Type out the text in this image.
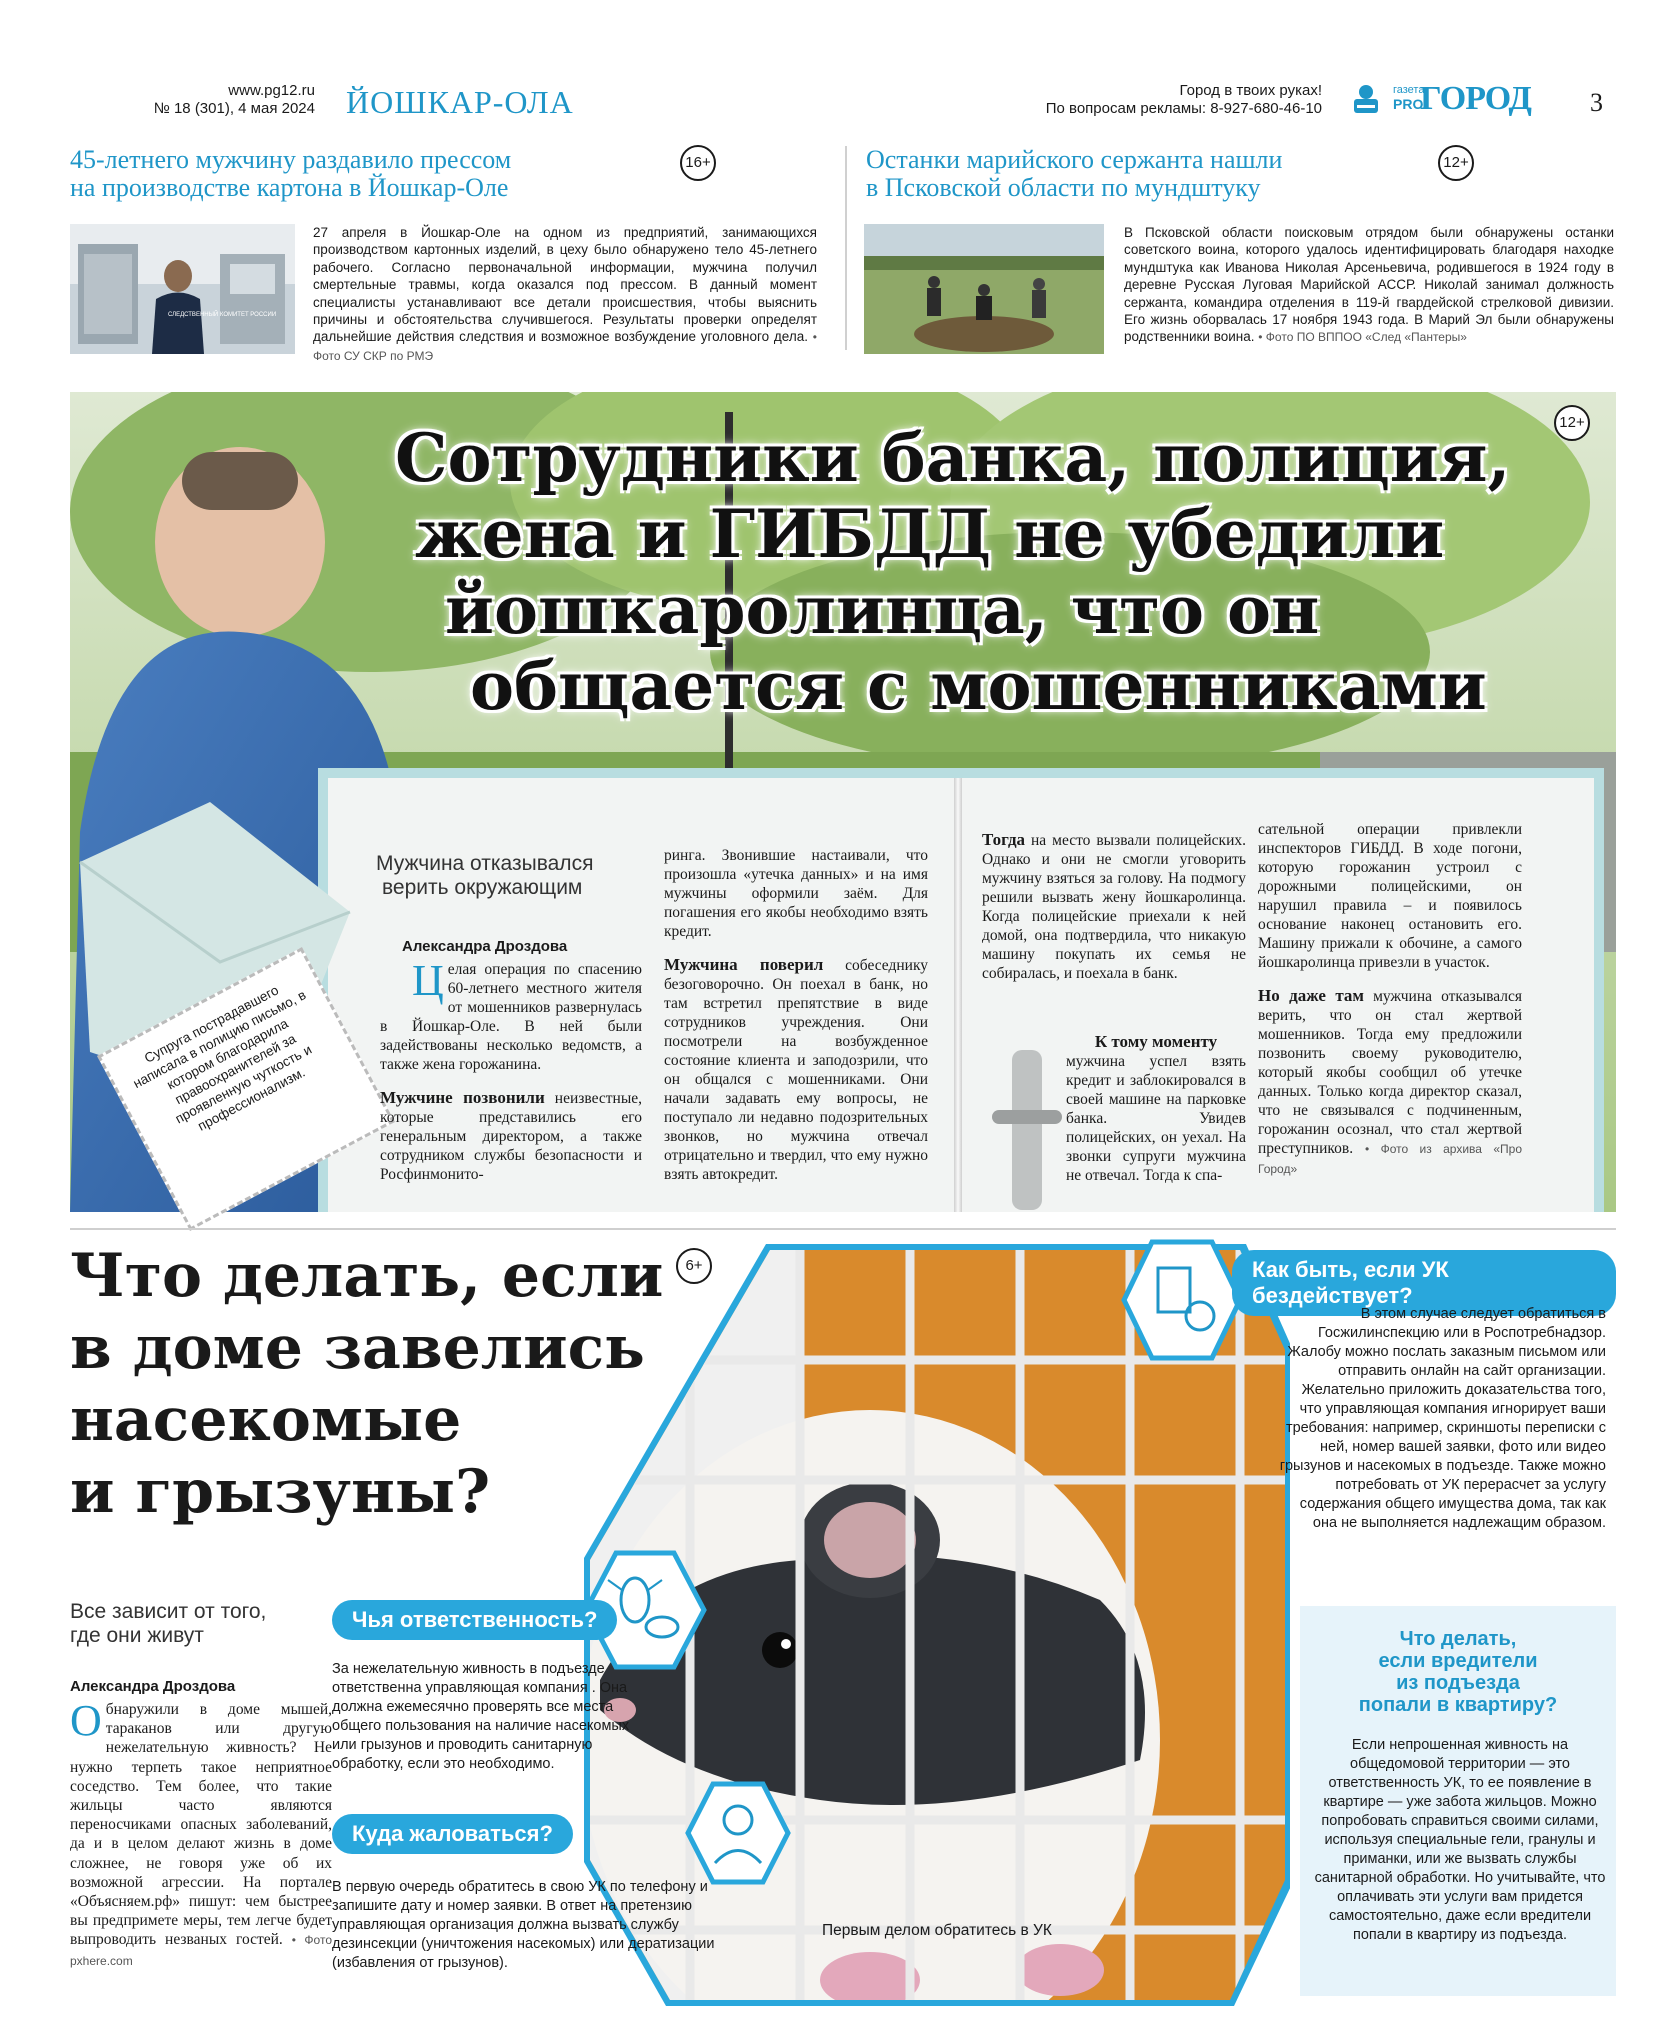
www.pg12.ru
№ 18 (301), 4 мая 2024 ЙОШКАР-ОЛА	Город в твоих руках!
По вопросам рекламы: 8-927-680-46-10
газета
PRO
ГОРОД 3
45-летнего мужчину раздавило прессом
на производстве картона в Йошкар-Оле
16+
СЛЕДСТВЕННЫЙ КОМИТЕТ РОССИИ
27 апреля в Йошкар-Оле на одном из предприятий, занимающихся производством картонных изделий, в цеху было обнаружено тело 45-летнего рабочего. Согласно первоначальной информации, мужчина получил смертельные травмы, когда оказался под прессом. В данный момент специалисты устанавливают все детали происшествия, чтобы выяснить причины и обстоятельства случившегося. Результаты проверки определят дальнейшие действия следствия и возможное возбуждение уголовного дела. • Фото СУ СКР по РМЭ
Останки марийского сержанта нашли
в Псковской области по мундштуку
12+
В Псковской области поисковым отрядом были обнаружены останки советского воина, которого удалось идентифицировать благодаря находке мундштука как Иванова Николая Арсеньевича, родившегося в 1924 году в деревне Русская Луговая Марийской АССР. Николай занимал должность сержанта, командира отделения в 119-й гвардейской стрелковой дивизии. Его жизнь оборвалась 17 ноября 1943 года. В Марий Эл были обнаружены родственники воина. • Фото ПО ВППОО «След «Пантеры»
Сотрудники банка, полиция,
жена и ГИБДД не убедили
йошкаролинца, что он
общается с мошенниками
12+
Супруга пострадавшего написала в полицию письмо, в котором благодарила правоохранителей за проявленную чуткость и профессионализм.
Мужчина отказывался
верить окружающим
Александра Дроздова
Целая операция по спасению 60-летнего местного жителя от мошенников развернулась в Йошкар-Оле. В ней были задействованы несколько ведомств, а также жена горожанина.
Мужчине позвонили неизвестные, которые представились его генеральным директором, а также сотрудником службы безопасности и Росфинмонито-
ринга. Звонившие настаивали, что произошла «утечка данных» и на имя мужчины оформили заём. Для погашения его якобы необходимо взять кредит.
Мужчина поверил собеседнику безоговорочно. Он поехал в банк, но там встретил препятствие в виде сотрудников учреждения. Они посмотрели на возбужденное состояние клиента и заподозрили, что он общался с мошенниками. Они начали задавать ему вопросы, не поступало ли недавно подозрительных звонков, но мужчина отвечал отрицательно и твердил, что ему нужно взять автокредит.
Тогда на место вызвали полицейских. Однако и они не смогли уговорить мужчину взяться за голову. На подмогу решили вызвать жену йошкаролинца. Когда полицейские приехали к ней домой, она подтвердила, что никакую машину покупать их семья не собиралась, и поехала в банк.
К тому моменту
мужчина успел взять кредит и заблокировался в своей машине на парковке банка. Увидев полицейских, он уехал. На звонки супруги мужчина не отвечал. Тогда к спа-
сательной операции привлекли инспекторов ГИБДД. В ходе погони, которую горожанин устроил с дорожными полицейскими, он нарушил правила – и появилось основание наконец остановить его. Машину прижали к обочине, а самого йошкаролинца привезли в участок.
Но даже там мужчина отказывался верить, что он стал жертвой мошенников. Тогда ему предложили позвонить своему руководителю, который якобы сообщил об утечке данных. Только когда директор сказал, что не связывался с подчиненным, горожанин осознал, что стал жертвой преступников. • Фото из архива «Про Город»
Что делать, если
в доме завелись
насекомые
и грызуны?
6+
Первым делом обратитесь в УК
Все зависит от того,
где они живут
Александра Дроздова
Обнаружили в доме мышей, тараканов или другую нежелательную живность? Не нужно терпеть такое неприятное соседство. Тем более, что такие жильцы часто являются переносчиками опасных заболеваний, да и в целом делают жизнь в доме сложнее, не говоря уже об их возможной агрессии. На портале «Объясняем.рф» пишут: чем быстрее вы предпримете меры, тем легче будет выпроводить незваных гостей. • Фото pxhere.com
Чья ответственность?
За нежелательную живность в подъезде ответственна управляющая компания . Она должна ежемесячно проверять все места общего пользования на наличие насекомых или грызунов и проводить санитарную обработку, если это необходимо.
Куда жаловаться?
В первую очередь обратитесь в свою УК по телефону и запишите дату и номер заявки. В ответ на претензию управляющая организация должна вызвать службу дезинсекции (уничтожения насекомых) или дератизации (избавления от грызунов).
Как быть, если УК бездействует?
В этом случае следует обратиться в Госжилинспекцию или в Роспотребнадзор. Жалобу можно послать заказным письмом или отправить онлайн на сайт организации. Желательно приложить доказательства того, что управляющая компания игнорирует ваши требования: например, скриншоты переписки с ней, номер вашей заявки, фото или видео грызунов и насекомых в подъезде. Также можно потребовать от УК перерасчет за услугу содержания общего имущества дома, так как она не выполняется надлежащим образом.
Что делать,
если вредители
из подъезда
попали в квартиру?
Если непрошенная живность на общедомовой территории — это ответственность УК, то ее появление в квартире — уже забота жильцов. Можно попробовать справиться своими силами, используя специальные гели, гранулы и приманки, или же вызвать службы санитарной обработки. Но учитывайте, что оплачивать эти услуги вам придется самостоятельно, даже если вредители попали в квартиру из подъезда.
